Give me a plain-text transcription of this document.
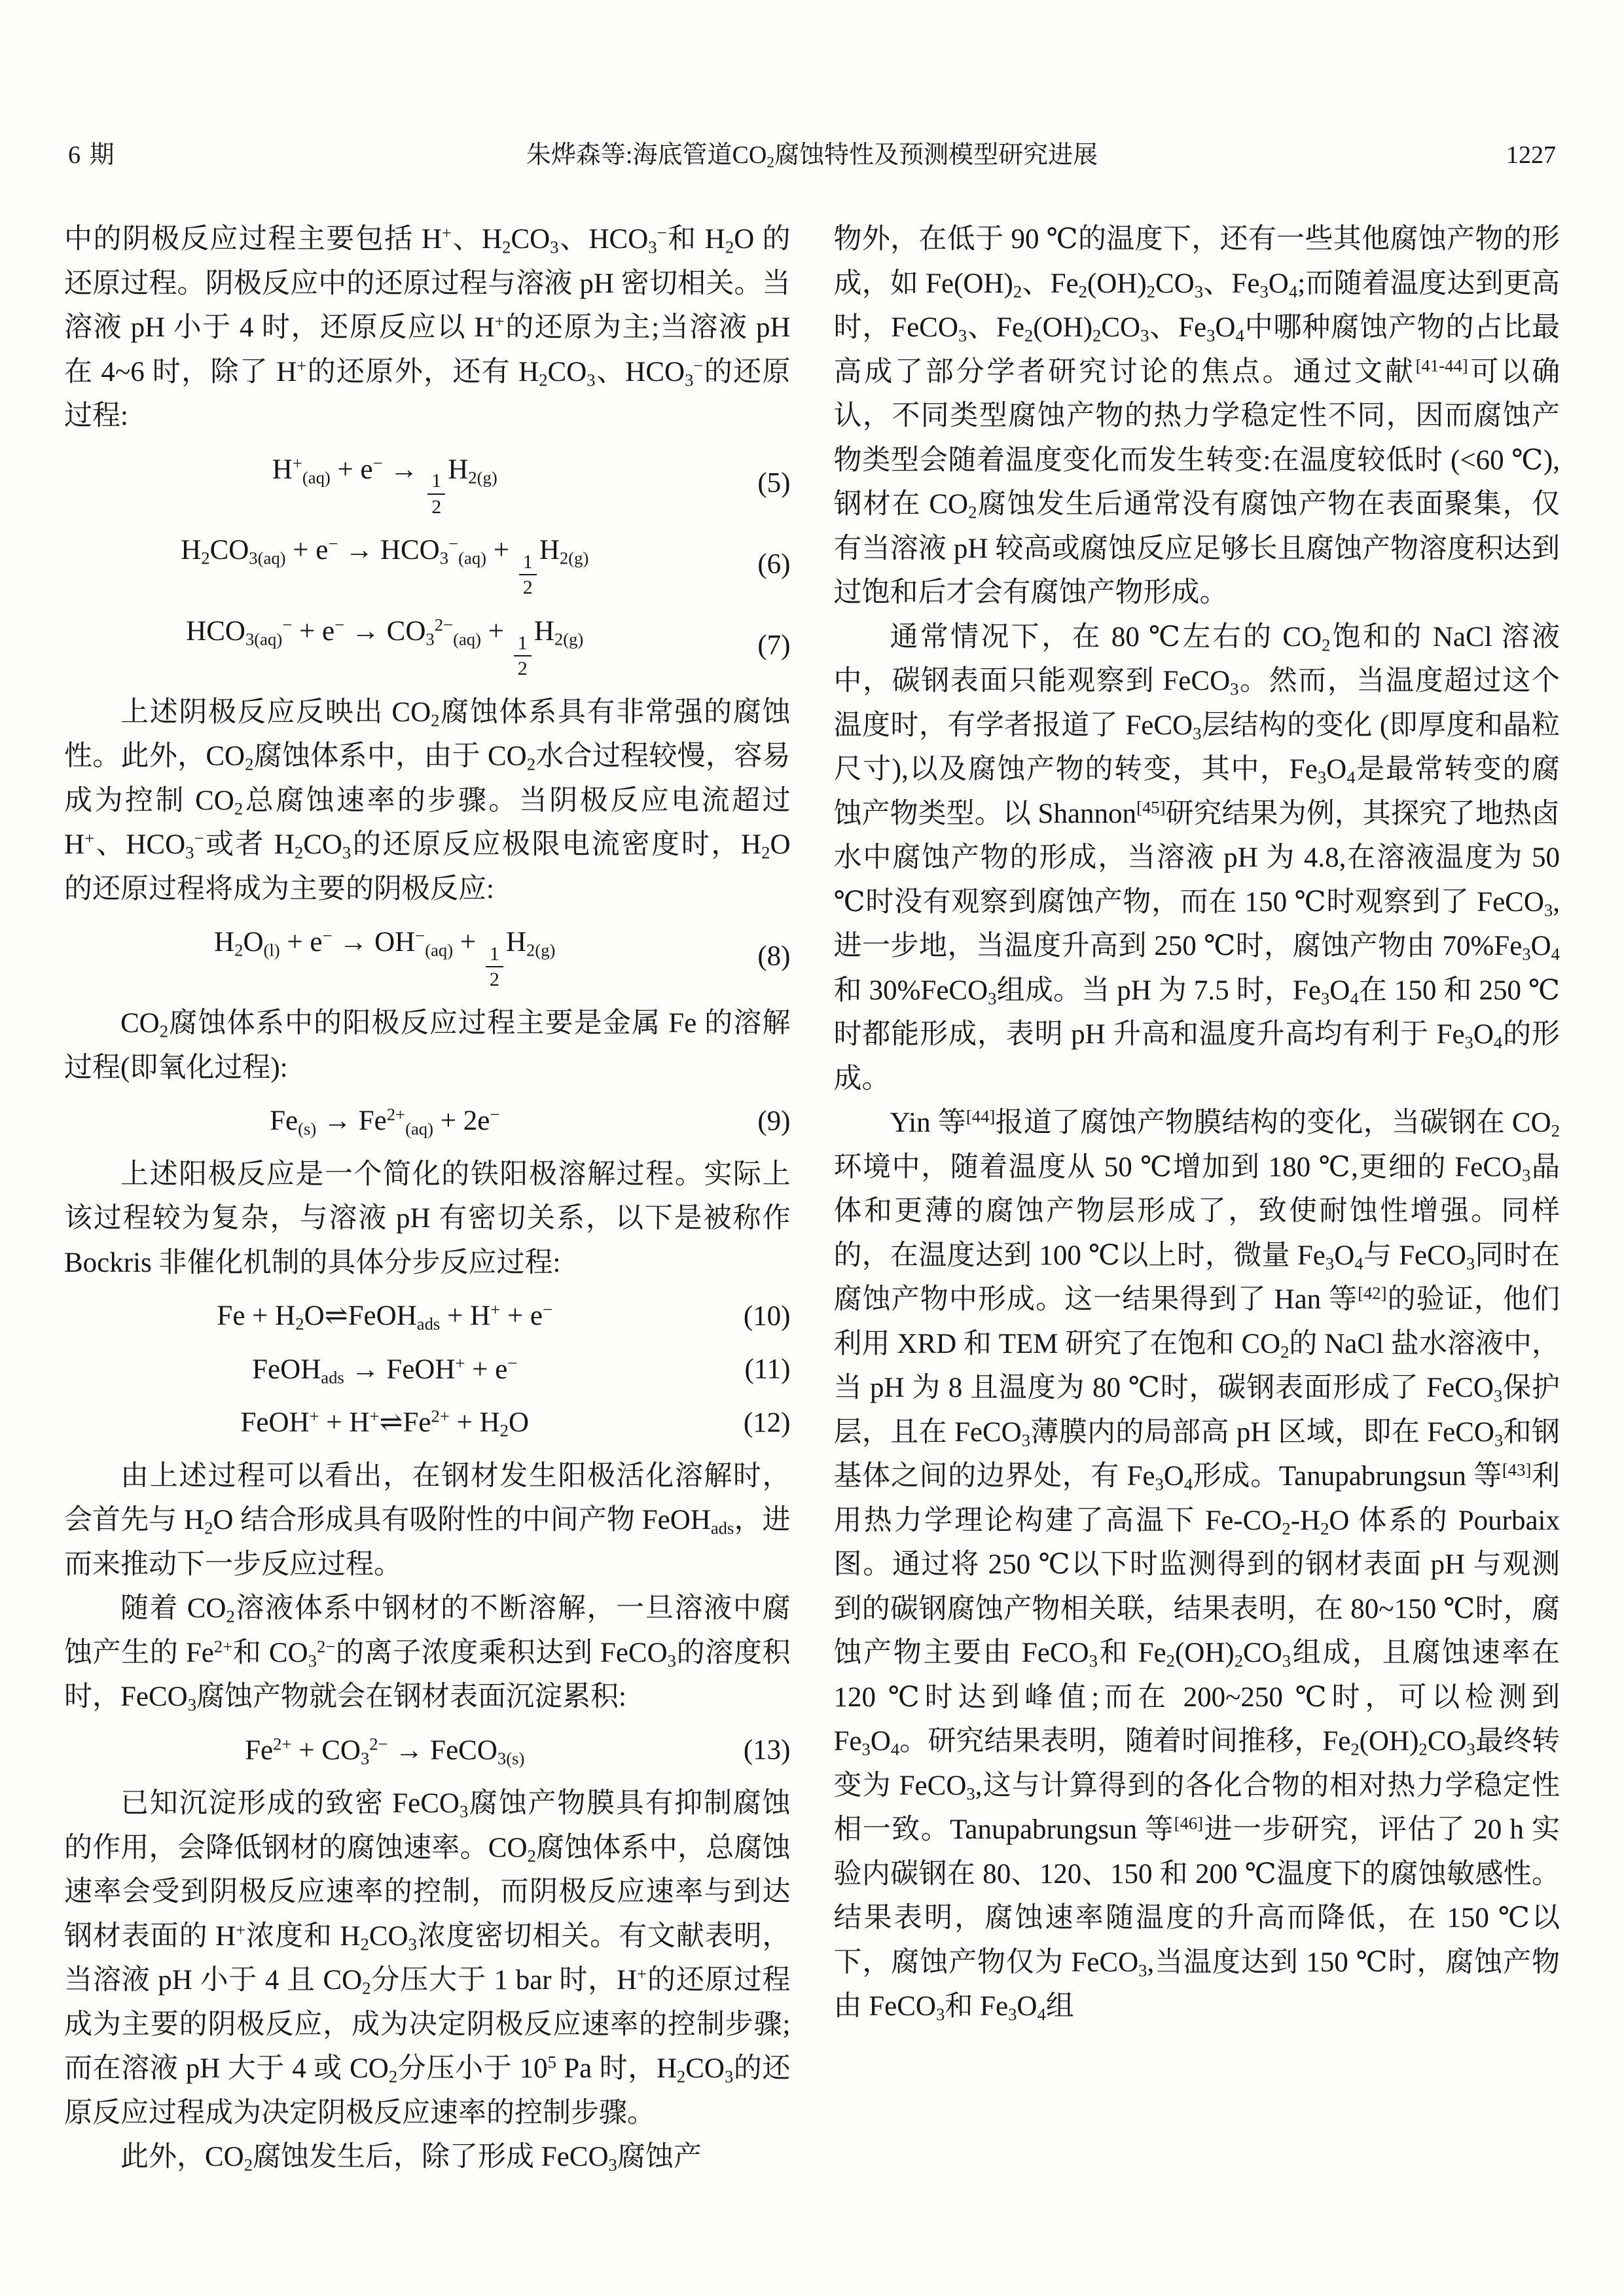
6 期	朱烨森等:海底管道$CO_2$腐蚀特性及预测模型研究进展	1227

中的阴极反应过程主要包括 H+、$H_2CO_3$、$HCO_3^-$和 $H_2O$ 的还原过程。阴极反应中的还原过程与溶液 pH 密切相关。当溶液 pH 小于 4 时，还原反应以 H+的还原为主;当溶液 pH 在 4~6 时，除了 H+的还原外，还有 $H_2CO_3$、$HCO_3^-$的还原过程:

$H^+_{(aq)} + e^- \to \frac{1}{2} H_{2(g)}$	(5)
$H_2CO_{3(aq)} + e^- \to HCO_3^-_{(aq)} + \frac{1}{2} H_{2(g)}$	(6)
$HCO_{3(aq)}^- + e^- \to CO_3^{2-}_{(aq)} + \frac{1}{2} H_{2(g)}$	(7)

上述阴极反应反映出 $CO_2$腐蚀体系具有非常强的腐蚀性。此外，$CO_2$腐蚀体系中，由于 $CO_2$水合过程较慢，容易成为控制 $CO_2$总腐蚀速率的步骤。当阴极反应电流超过 H+、$HCO_3^-$或者 $H_2CO_3$的还原反应极限电流密度时，$H_2O$ 的还原过程将成为主要的阴极反应:

$H_2O_{(l)} + e^- \to OH^-_{(aq)} + \frac{1}{2} H_{2(g)}$	(8)

$CO_2$腐蚀体系中的阳极反应过程主要是金属 Fe 的溶解过程(即氧化过程):

$Fe_{(s)} \to Fe^{2+}_{(aq)} + 2e^-$	(9)

上述阳极反应是一个简化的铁阳极溶解过程。实际上该过程较为复杂，与溶液 pH 有密切关系，以下是被称作 Bockris 非催化机制的具体分步反应过程:

$Fe + H_2O\rightleftharpoons FeOH_{ads} + H^+ + e^-$	(10)
FeOH$_{ads}$ → FeOH+ + e−	(11)
FeOH+ + $H^+\rightleftharpoons Fe^{2+} + H_2O$	(12)

由上述过程可以看出，在钢材发生阳极活化溶解时，会首先与 $H_2O$ 结合形成具有吸附性的中间产物 FeOH$_{ads}$，进而来推动下一步反应过程。

随着 $CO_2$溶液体系中钢材的不断溶解，一旦溶液中腐蚀产生的 $Fe^{2+}$和 $CO_3^{2-}$的离子浓度乘积达到 FeCO$_3$的溶度积时，FeCO$_3$腐蚀产物就会在钢材表面沉淀累积:

$Fe^{2+} + CO_3^{2-}$ → FeCO$_{3(s)}$	(13)

已知沉淀形成的致密 FeCO$_3$腐蚀产物膜具有抑制腐蚀的作用，会降低钢材的腐蚀速率。$CO_2$腐蚀体系中，总腐蚀速率会受到阴极反应速率的控制，而阴极反应速率与到达钢材表面的 H+浓度和 $H_2CO_3$浓度密切相关。有文献表明，当溶液 pH 小于 4 且 $CO_2$分压大于 1 bar 时，H+的还原过程成为主要的阴极反应，成为决定阴极反应速率的控制步骤;而在溶液 pH 大于 4 或 $CO_2$分压小于 $10^5$ Pa 时，$H_2CO_3$的还原反应过程成为决定阴极反应速率的控制步骤。

此外，$CO_2$腐蚀发生后，除了形成 FeCO$_3$腐蚀产

物外，在低于 90 ℃的温度下，还有一些其他腐蚀产物的形成，如 $Fe(OH)_2$、$Fe_2(OH)_2CO_3$、$Fe_3O_4$;而随着温度达到更高时，FeCO$_3$、$Fe_2(OH)_2CO_3$、$Fe_3O_4$中哪种腐蚀产物的占比最高成了部分学者研究讨论的焦点。通过文献[41-44]可以确认，不同类型腐蚀产物的热力学稳定性不同，因而腐蚀产物类型会随着温度变化而发生转变:在温度较低时 (<60 ℃),钢材在 $CO_2$腐蚀发生后通常没有腐蚀产物在表面聚集，仅有当溶液 pH 较高或腐蚀反应足够长且腐蚀产物溶度积达到过饱和后才会有腐蚀产物形成。

通常情况下，在 80 ℃左右的 $CO_2$饱和的 NaCl 溶液中，碳钢表面只能观察到 FeCO$_3$。然而，当温度超过这个温度时，有学者报道了 FeCO$_3$层结构的变化 (即厚度和晶粒尺寸),以及腐蚀产物的转变，其中，$Fe_3O_4$是最常转变的腐蚀产物类型。以 Shannon[45]研究结果为例，其探究了地热卤水中腐蚀产物的形成，当溶液 pH 为 4.8,在溶液温度为 50 ℃时没有观察到腐蚀产物，而在 150 ℃时观察到了 FeCO$_3$,进一步地，当温度升高到 250 ℃时，腐蚀产物由 $70\%Fe_3O_4$和 30%FeCO$_3$组成。当 pH 为 7.5 时，$Fe_3O_4$在 150 和 250 ℃时都能形成，表明 pH 升高和温度升高均有利于 $Fe_3O_4$的形成。

Yin 等[44]报道了腐蚀产物膜结构的变化，当碳钢在 $CO_2$环境中，随着温度从 50 ℃增加到 180 ℃,更细的 FeCO$_3$晶体和更薄的腐蚀产物层形成了，致使耐蚀性增强。同样的，在温度达到 100 ℃以上时，微量 $Fe_3O_4$与 FeCO$_3$同时在腐蚀产物中形成。这一结果得到了 Han 等[42]的验证，他们利用 XRD 和 TEM 研究了在饱和 $CO_2$的 NaCl 盐水溶液中，当 pH 为 8 且温度为 80 ℃时，碳钢表面形成了 FeCO$_3$保护层，且在 FeCO$_3$薄膜内的局部高 pH 区域，即在 FeCO$_3$和钢基体之间的边界处，有 $Fe_3O_4$形成。Tanupabrungsun 等[43]利用热力学理论构建了高温下 $Fe-CO_2-H_2O$ 体系的 Pourbaix 图。通过将 250 ℃以下时监测得到的钢材表面 pH 与观测到的碳钢腐蚀产物相关联，结果表明，在 80~150 ℃时，腐蚀产物主要由 FeCO$_3$和 $Fe_2(OH)_2CO_3$组成，且腐蚀速率在 120 ℃时达到峰值;而在 200~250 ℃时，可以检测到 $Fe_3O_4$。研究结果表明，随着时间推移，$Fe_2(OH)_2CO_3$最终转变为 FeCO$_3$,这与计算得到的各化合物的相对热力学稳定性相一致。Tanupabrungsun 等[46]进一步研究，评估了 20 h 实验内碳钢在 80、120、150 和 200 ℃温度下的腐蚀敏感性。结果表明，腐蚀速率随温度的升高而降低，在 150 ℃以下，腐蚀产物仅为 FeCO$_3$,当温度达到 150 ℃时，腐蚀产物由 FeCO$_3$和 $Fe_3O_4$组
